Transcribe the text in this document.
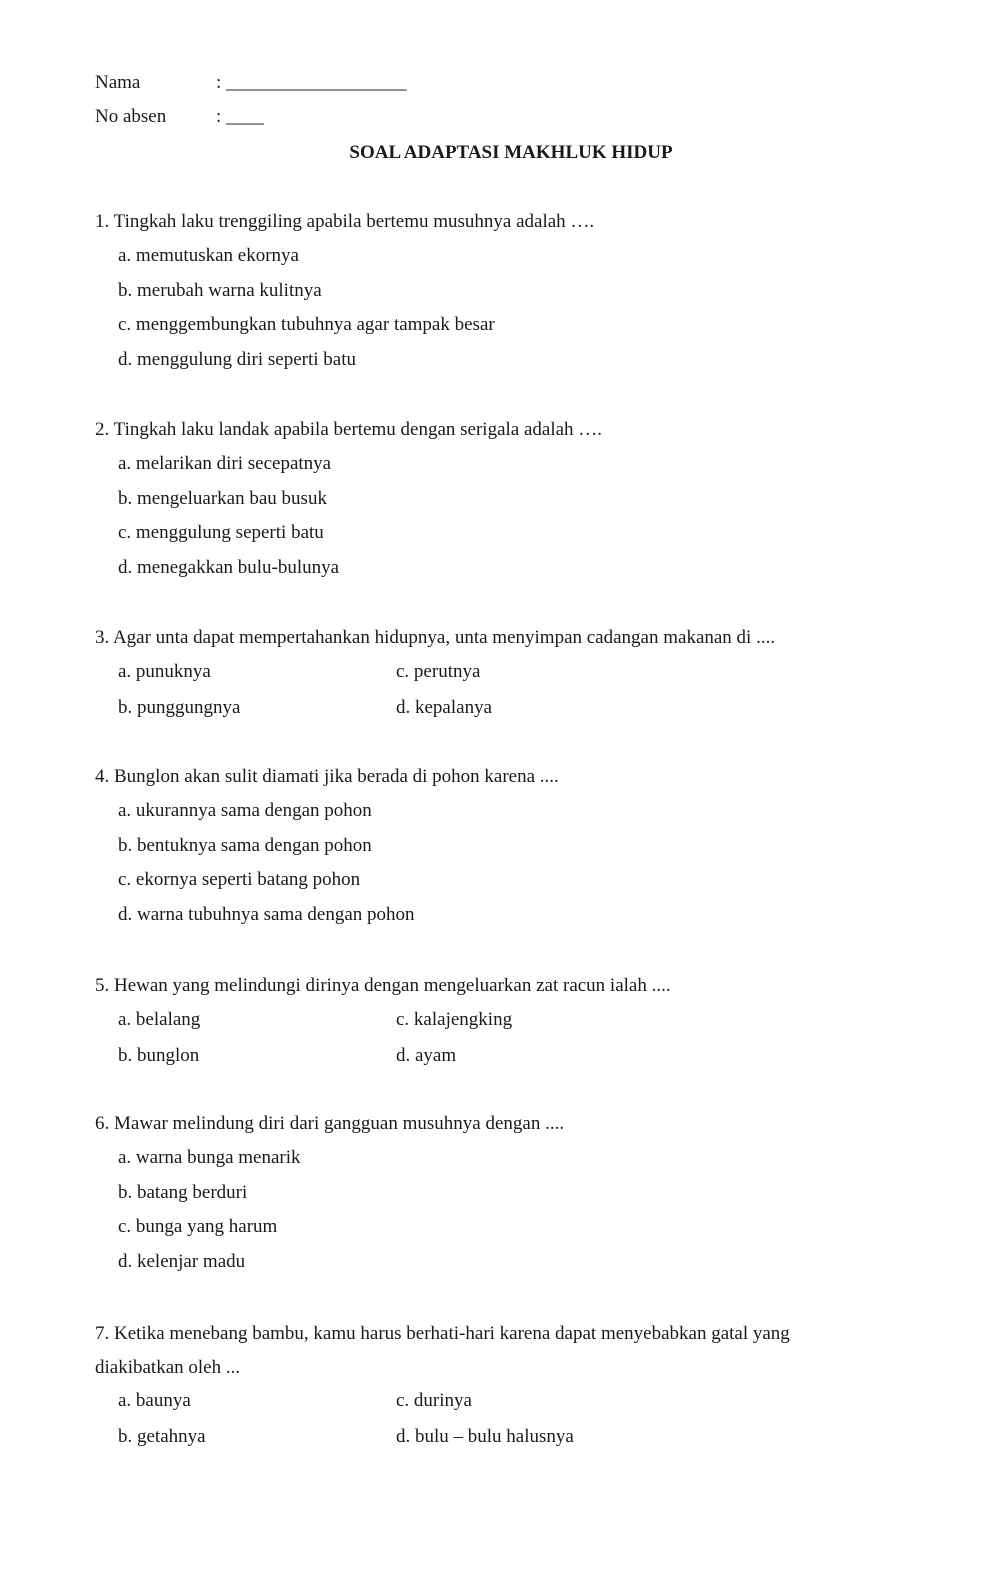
Nama	: ___________________
No absen	: ____
SOAL ADAPTASI MAKHLUK HIDUP
1. Tingkah laku trenggiling apabila bertemu musuhnya adalah ….
a. memutuskan ekornya
b. merubah warna kulitnya
c. menggembungkan tubuhnya agar tampak besar
d. menggulung diri seperti batu
2. Tingkah laku landak apabila bertemu dengan serigala adalah ….
a. melarikan diri secepatnya
b. mengeluarkan bau busuk
c. menggulung seperti batu
d. menegakkan bulu-bulunya
3. Agar unta dapat mempertahankan hidupnya, unta menyimpan cadangan makanan di ....
a. punuknya	c. perutnya
b. punggungnya	d. kepalanya
4. Bunglon akan sulit diamati jika berada di pohon karena ....
a. ukurannya sama dengan pohon
b. bentuknya sama dengan pohon
c. ekornya seperti batang pohon
d. warna tubuhnya sama dengan pohon
5. Hewan yang melindungi dirinya dengan mengeluarkan zat racun ialah ....
a. belalang	c. kalajengking
b. bunglon	d. ayam
6. Mawar melindung diri dari gangguan musuhnya dengan ....
a. warna bunga menarik
b. batang berduri
c. bunga yang harum
d. kelenjar madu
7. Ketika menebang bambu, kamu harus berhati-hari karena dapat menyebabkan gatal yang diakibatkan oleh ...
a. baunya	c. durinya
b. getahnya	d. bulu – bulu halusnya
